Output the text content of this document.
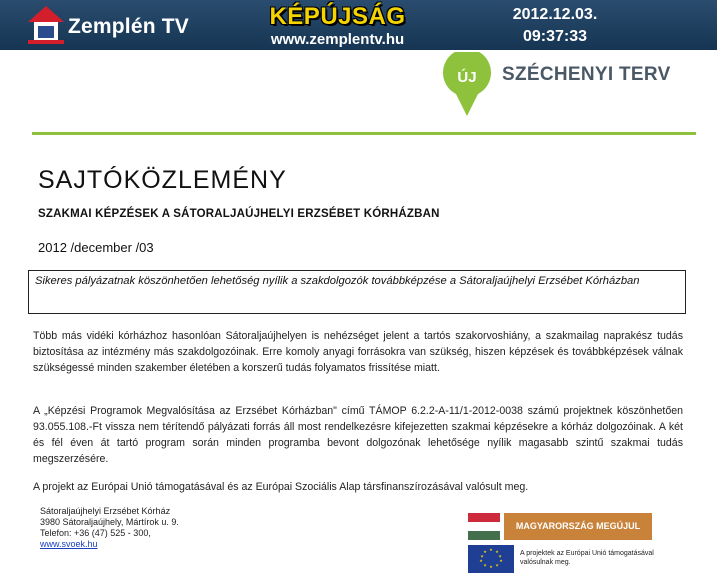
Zemplén TV	KÉPÚJSÁG
www.zemplentv.hu
2012.12.03.
09:37:33
ÚJ SZÉCHENYI TERV
SAJTÓKÖZLEMÉNY
SZAKMAI KÉPZÉSEK A SÁTORALJAÚJHELYI ERZSÉBET KÓRHÁZBAN
2012 /december /03
Sikeres pályázatnak köszönhetően lehetőség nyílik a szakdolgozók továbbképzése a Sátoraljaújhelyi Erzsébet Kórházban
Több más vidéki kórházhoz hasonlóan Sátoraljaújhelyen is nehézséget jelent a tartós szakorvoshiány, a szakmailag naprakész tudás biztosítása az intézmény más szakdolgozóinak. Erre komoly anyagi forrásokra van szükség, hiszen képzések és továbbképzések válnak szükségessé minden szakember életében a korszerű tudás folyamatos frissítése miatt.
A „Képzési Programok Megvalósítása az Erzsébet Kórházban" című TÁMOP 6.2.2-A-11/1-2012-0038 számú projektnek köszönhetően 93.055.108.-Ft vissza nem térítendő pályázati forrás áll most rendelkezésre kifejezetten szakmai képzésekre a kórház dolgozóinak. A két és fél éven át tartó program során minden programba bevont dolgozónak lehetősége nyílik magasabb szintű szakmai tudás megszerzésére.
A projekt az Európai Unió támogatásával és az Európai Szociális Alap társfinanszírozásával valósult meg.
Sátoraljaújhelyi Erzsébet Kórház
3980 Sátoraljaújhely, Mártírok u. 9.
Telefon: +36 (47) 525 - 300,
www.svoek.hu
MAGYARORSZÁG MEGÚJUL
★ ★
★
★
★
★
★
★
★
★	A projektek az Európai Unió támogatásával valósulnak meg.
